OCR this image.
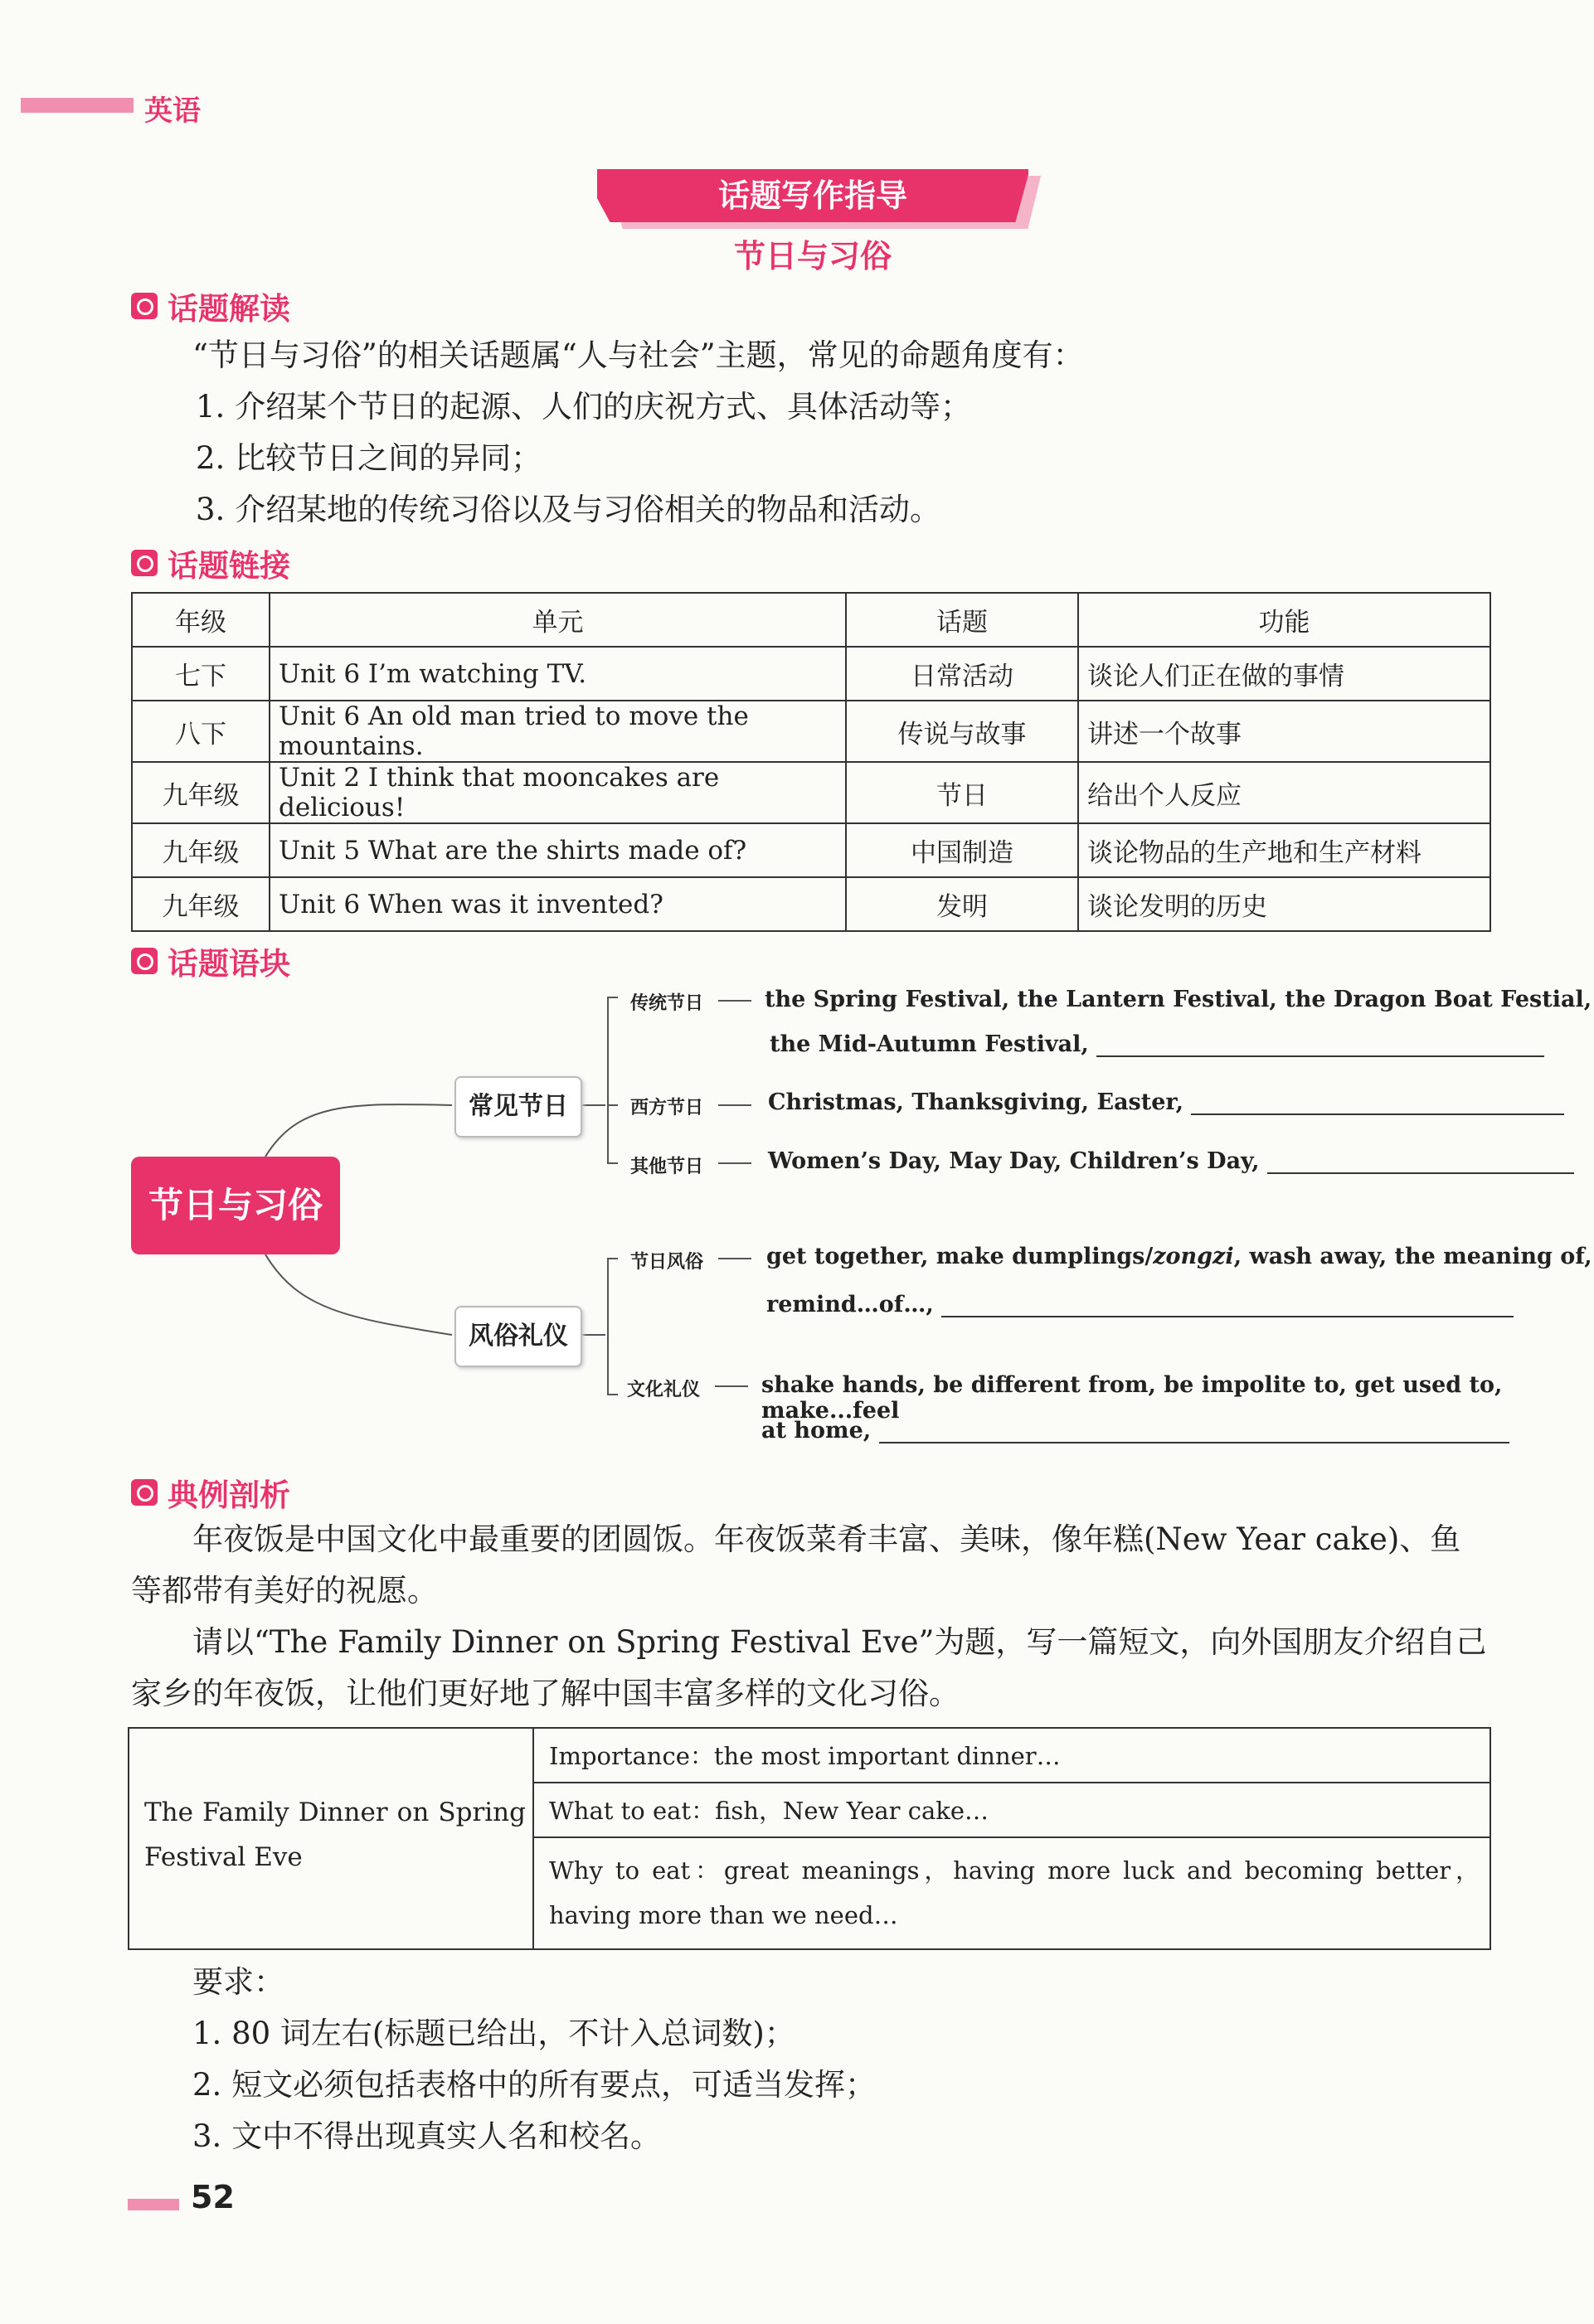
英语
话题写作指导
节日与习俗
话题解读
“节日与习俗”的相关话题属“人与社会”主题，常见的命题角度有：
1. 介绍某个节日的起源、人们的庆祝方式、具体活动等；
2. 比较节日之间的异同；
3. 介绍某地的传统习俗以及与习俗相关的物品和活动。
话题链接
年级	单元	话题	功能
七下	Unit 6 I’m watching TV.	日常活动	谈论人们正在做的事情
八下	Unit 6 An old man tried to move the mountains.	传说与故事	讲述一个故事
九年级	Unit 2 I think that mooncakes are delicious!	节日	给出个人反应
九年级	Unit 5 What are the shirts made of?	中国制造	谈论物品的生产地和生产材料
九年级	Unit 6 When was it invented?	发明	谈论发明的历史
话题语块
节日与习俗
常见节日
风俗礼仪
传统节日	the Spring Festival, the Lantern Festival, the Dragon Boat Festial,
the Mid-Autumn Festival,
西方节日	Christmas, Thanksgiving, Easter,
其他节日	Women’s Day, May Day, Children’s Day,
节日风俗	get together, make dumplings/zongzi, wash away, the meaning of,
remind…of…,
文化礼仪	shake hands, be different from, be impolite to, get used to, make...feel
at home,
典例剖析
年夜饭是中国文化中最重要的团圆饭。年夜饭菜肴丰富、美味，像年糕(New Year cake)、鱼等都带有美好的祝愿。
请以“The Family Dinner on Spring Festival Eve”为题，写一篇短文，向外国朋友介绍自己家乡的年夜饭，让他们更好地了解中国丰富多样的文化习俗。
The Family Dinner on Spring Festival Eve
Importance：the most important dinner…
What to eat：fish，New Year cake…
Why to eat：great meanings，having more luck and becoming better，having more than we need…
要求：
1. 80 词左右(标题已给出，不计入总词数)；
2. 短文必须包括表格中的所有要点，可适当发挥；
3. 文中不得出现真实人名和校名。
52
